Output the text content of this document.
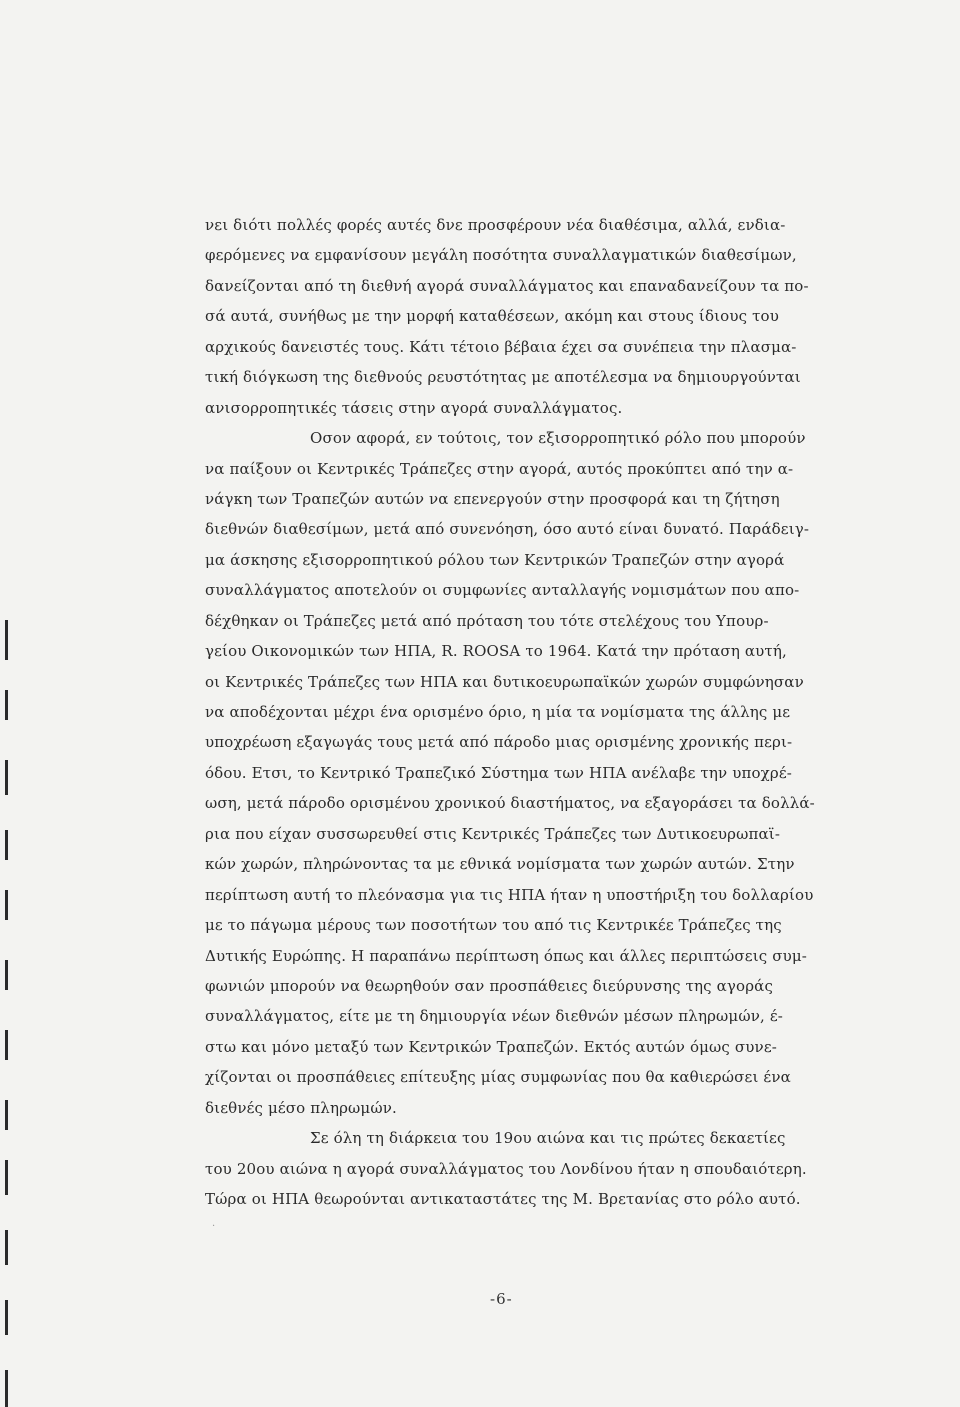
νει διότι πολλές φορές αυτές δνε προσφέρουν νέα διαθέσιμα, αλλά, ενδια-
φερόμενες να εμφανίσουν μεγάλη ποσότητα συναλλαγματικών διαθεσίμων,
δανείζονται από τη διεθνή αγορά συναλλάγματος και επαναδανείζουν τα πο-
σά αυτά, συνήθως με την μορφή καταθέσεων, ακόμη και στους ίδιους του
αρχικούς δανειστές τους. Κάτι τέτοιο βέβαια έχει σα συνέπεια την πλασμα-
τική διόγκωση της διεθνούς ρευστότητας με αποτέλεσμα να δημιουργούνται
ανισορροπητικές τάσεις στην αγορά συναλλάγματος.
Οσον αφορά, εν τούτοις, τον εξισορροπητικό ρόλο που μπορούν
να παίξουν οι Κεντρικές Τράπεζες στην αγορά, αυτός προκύπτει από την α-
νάγκη των Τραπεζών αυτών να επενεργούν στην προσφορά και τη ζήτηση
διεθνών διαθεσίμων, μετά από συνενόηση, όσο αυτό είναι δυνατό. Παράδειγ-
μα άσκησης εξισορροπητικού ρόλου των Κεντρικών Τραπεζών στην αγορά
συναλλάγματος αποτελούν οι συμφωνίες ανταλλαγής νομισμάτων που απο-
δέχθηκαν οι Τράπεζες μετά από πρόταση του τότε στελέχους του Υπουρ-
γείου Οικονομικών των ΗΠΑ, R. ROOSA το 1964. Κατά την πρόταση αυτή,
οι Κεντρικές Τράπεζες των ΗΠΑ και δυτικοευρωπαϊκών χωρών συμφώνησαν
να αποδέχονται μέχρι ένα ορισμένο όριο, η μία τα νομίσματα της άλλης με
υποχρέωση εξαγωγάς τους μετά από πάροδο μιας ορισμένης χρονικής περι-
όδου. Ετσι, το Κεντρικό Τραπεζικό Σύστημα των ΗΠΑ ανέλαβε την υποχρέ-
ωση, μετά πάροδο ορισμένου χρονικού διαστήματος, να εξαγοράσει τα δολλά-
ρια που είχαν συσσωρευθεί στις Κεντρικές Τράπεζες των Δυτικοευρωπαϊ-
κών χωρών, πληρώνοντας τα με εθνικά νομίσματα των χωρών αυτών. Στην
περίπτωση αυτή το πλεόνασμα για τις ΗΠΑ ήταν η υποστήριξη του δολλαρίου
με το πάγωμα μέρους των ποσοτήτων του από τις Κεντρικέε Τράπεζες της
Δυτικής Ευρώπης. Η παραπάνω περίπτωση όπως και άλλες περιπτώσεις συμ-
φωνιών μπορούν να θεωρηθούν σαν προσπάθειες διεύρυνσης της αγοράς
συναλλάγματος, είτε με τη δημιουργία νέων διεθνών μέσων πληρωμών, έ-
στω και μόνο μεταξύ των Κεντρικών Τραπεζών. Εκτός αυτών όμως συνε-
χίζονται οι προσπάθειες επίτευξης μίας συμφωνίας που θα καθιερώσει ένα
διεθνές μέσο πληρωμών.
Σε όλη τη διάρκεια του 19ου αιώνα και τις πρώτες δεκαετίες
του 20ου αιώνα η αγορά συναλλάγματος του Λονδίνου ήταν η σπουδαιότερη.
Τώρα οι ΗΠΑ θεωρούνται αντικαταστάτες της Μ. Βρετανίας στο ρόλο αυτό.
·
-6-
